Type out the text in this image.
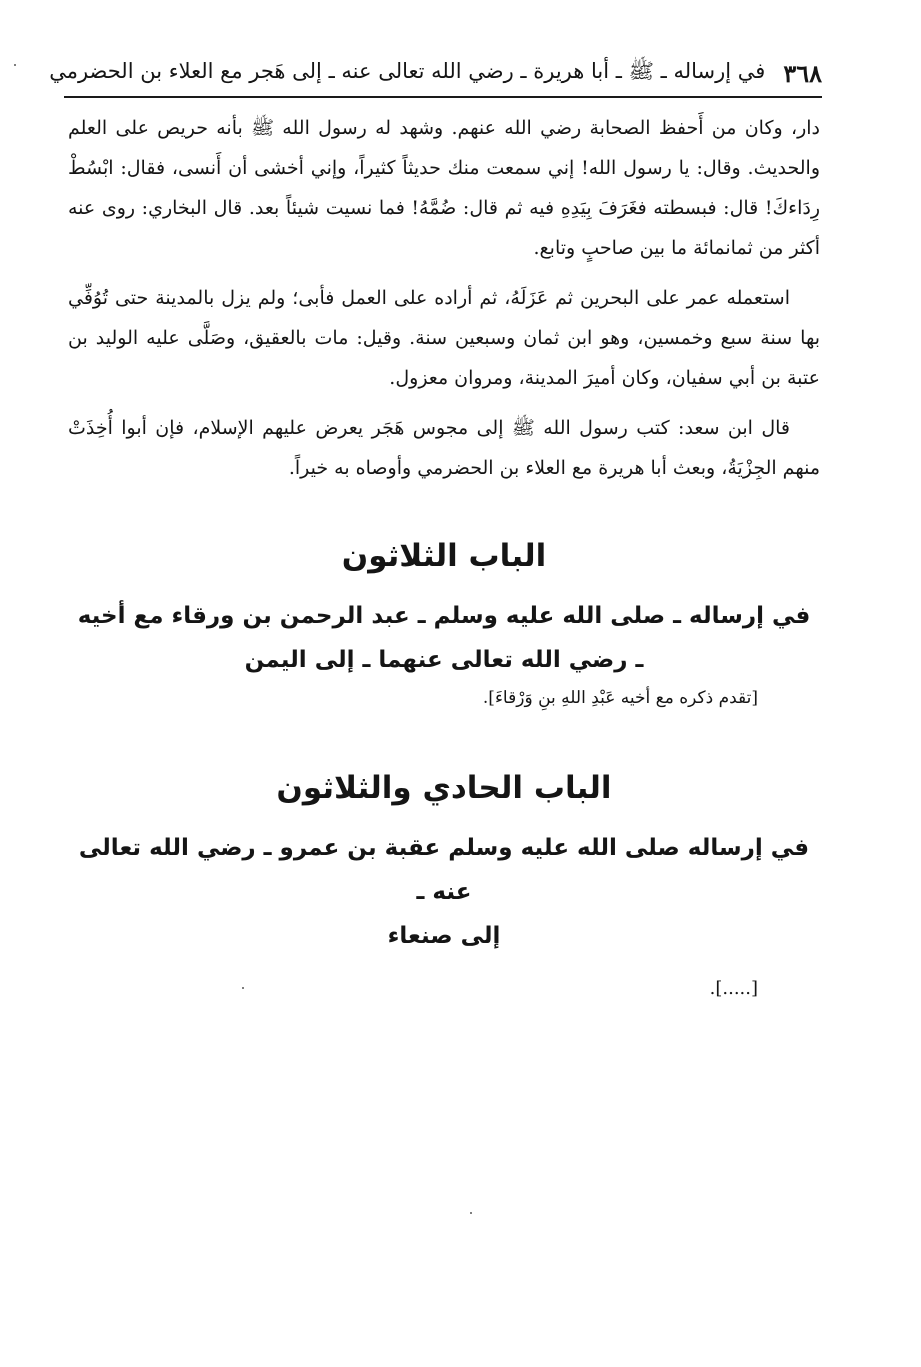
٣٦٨
في إرساله ـ ﷺ ـ أبا هريرة ـ رضي الله تعالى عنه ـ إلى هَجر مع العلاء بن الحضرمي

دار، وكان من أَحفظ الصحابة رضي الله عنهم. وشهد له رسول الله ﷺ بأنه حريص على العلم والحديث. وقال: يا رسول الله! إني سمعت منك حديثاً كثيراً، وإني أخشى أن أَنسى، فقال: ابْسُطْ رِدَاءكَ! قال: فبسطته فغَرَفَ بِيَدِهِ فيه ثم قال: ضُمَّهُ! فما نسيت شيئاً بعد. قال البخاري: روى عنه أكثر من ثمانمائة ما بين صاحبٍ وتابع.

استعمله عمر على البحرين ثم عَزَلَهُ، ثم أراده على العمل فأبى؛ ولم يزل بالمدينة حتى تُوُفِّي بها سنة سبع وخمسين، وهو ابن ثمان وسبعين سنة. وقيل: مات بالعقيق، وصَلَّى عليه الوليد بن عتبة بن أبي سفيان، وكان أميرَ المدينة، ومروان معزول.

قال ابن سعد: كتب رسول الله ﷺ إلى مجوس هَجَر يعرض عليهم الإسلام، فإن أبوا أُخِذَتْ منهم الجِزْيَةُ، وبعث أبا هريرة مع العلاء بن الحضرمي وأوصاه به خيراً.

الباب الثلاثون
في إرساله ـ صلى الله عليه وسلم ـ عبد الرحمن بن ورقاء مع أخيه
ـ رضي الله تعالى عنهما ـ إلى اليمن
[تقدم ذكره مع أخيه عَبْدِ اللهِ بنِ وَرْقاءَ].
الباب الحادي والثلاثون
في إرساله صلى الله عليه وسلم عقبة بن عمرو ـ رضي الله تعالى عنه ـ
إلى صنعاء
[.....].
